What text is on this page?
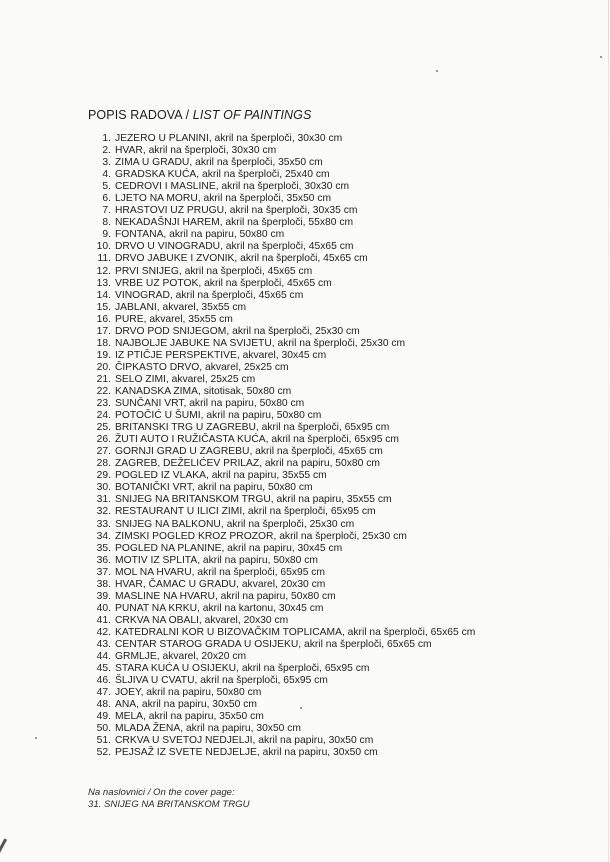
POPIS RADOVA / LIST OF PAINTINGS
1. JEZERO U PLANINI, akril na šperploči, 30x30 cm
2. HVAR, akril na šperploči, 30x30 cm
3. ZIMA U GRADU, akril na šperploči, 35x50 cm
4. GRADSKA KUĆA, akril na šperploči, 25x40 cm
5. CEDROVI I MASLINE, akril na šperploči, 30x30 cm
6. LJETO NA MORU, akril na šperploči, 35x50 cm
7. HRASTOVI UZ PRUGU, akril na šperploči, 30x35 cm
8. NEKADAŠNJI HAREM, akril na šperploči, 55x80 cm
9. FONTANA, akril na papiru, 50x80 cm
10. DRVO U VINOGRADU, akril na šperploči, 45x65 cm
11. DRVO JABUKE I ZVONIK, akril na šperploči, 45x65 cm
12. PRVI SNIJEG, akril na šperploči, 45x65 cm
13. VRBE UZ POTOK, akril na šperploči, 45x65 cm
14. VINOGRAD, akril na šperploči, 45x65 cm
15. JABLANI, akvarel, 35x55 cm
16. PURE, akvarel, 35x55 cm
17. DRVO POD SNIJEGOM, akril na šperploči, 25x30 cm
18. NAJBOLJE JABUKE NA SVIJETU, akril na šperploči, 25x30 cm
19. IZ PTIČJE PERSPEKTIVE, akvarel, 30x45 cm
20. ČIPKASTO DRVO, akvarel, 25x25 cm
21. SELO ZIMI, akvarel, 25x25 cm
22. KANADSKA ZIMA, sitotisak, 50x80 cm
23. SUNČANI VRT, akril na papiru, 50x80 cm
24. POTOČIĆ U ŠUMI, akril na papiru, 50x80 cm
25. BRITANSKI TRG U ZAGREBU, akril na šperploči, 65x95 cm
26. ŽUTI AUTO I RUŽIČASTA KUĆA, akril na šperploči, 65x95 cm
27. GORNJI GRAD U ZAGREBU, akril na šperploči, 45x65 cm
28. ZAGREB, DEŽELIĆEV PRILAZ, akril na papiru, 50x80 cm
29. POGLED IZ VLAKA, akril na papiru, 35x55 cm
30. BOTANIČKI VRT, akril na papiru, 50x80 cm
31. SNIJEG NA BRITANSKOM TRGU, akril na papiru, 35x55 cm
32. RESTAURANT U ILICI ZIMI, akril na šperploči, 65x95 cm
33. SNIJEG NA BALKONU, akril na šperploči, 25x30 cm
34. ZIMSKI POGLED KROZ PROZOR, akril na šperploči, 25x30 cm
35. POGLED NA PLANINE, akril na papiru, 30x45 cm
36. MOTIV IZ SPLITA, akril na papiru, 50x80 cm
37. MOL NA HVARU, akril na šperploči, 65x95 cm
38. HVAR, ČAMAC U GRADU, akvarel, 20x30 cm
39. MASLINE NA HVARU, akril na papiru, 50x80 cm
40. PUNAT NA KRKU, akril na kartonu, 30x45 cm
41. CRKVA NA OBALI, akvarel, 20x30 cm
42. KATEDRALNI KOR U BIZOVAČKIM TOPLICAMA, akril na šperploči, 65x65 cm
43. CENTAR STAROG GRADA U OSIJEKU, akril na šperploči, 65x65 cm
44. GRMLJE, akvarel, 20x20 cm
45. STARA KUĆA U OSIJEKU, akril na šperploči, 65x95 cm
46. ŠLJIVA U CVATU, akril na šperploči, 65x95 cm
47. JOEY, akril na papiru, 50x80 cm
48. ANA, akril na papiru, 30x50 cm
49. MELA, akril na papiru, 35x50 cm
50. MLADA ŽENA, akril na papiru, 30x50 cm
51. CRKVA U SVETOJ NEDJELJI, akril na papiru, 30x50 cm
52. PEJSAŽ IZ SVETE NEDJELJE, akril na papiru, 30x50 cm
Na naslovnici / On the cover page:
31. SNIJEG NA BRITANSKOM TRGU
